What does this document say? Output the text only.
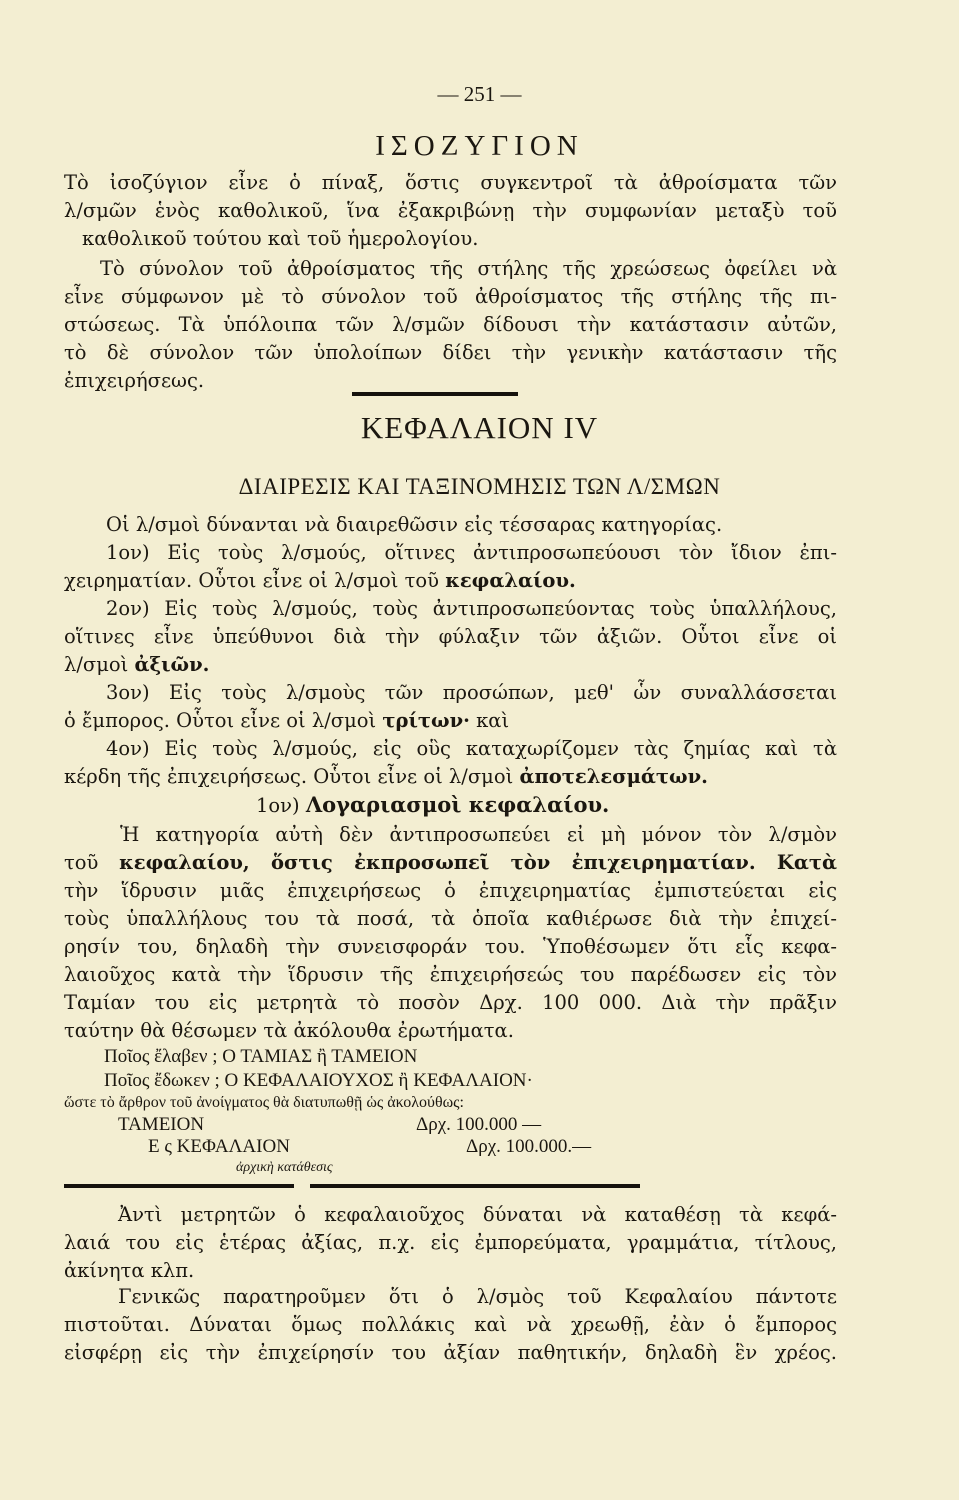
— 251 —
ΙΣΟΖΥΓΙΟΝ
Τὸ ἰσοζύγιον εἶνε ὁ πίναξ, ὅστις συγκεντροῖ τὰ ἀθροίσματα τῶν
λ/σμῶν ἑνὸς καθολικοῦ, ἵνα ἐξακριβώνῃ τὴν συμφωνίαν μεταξὺ τοῦ
καθολικοῦ τούτου καὶ τοῦ ἡμερολογίου.
Τὸ σύνολον τοῦ ἀθροίσματος τῆς στήλης τῆς χρεώσεως ὀφείλει νὰ
εἶνε σύμφωνον μὲ τὸ σύνολον τοῦ ἀθροίσματος τῆς στήλης τῆς πι-
στώσεως. Τὰ ὑπόλοιπα τῶν λ/σμῶν δίδουσι τὴν κατάστασιν αὐτῶν,
τὸ δὲ σύνολον τῶν ὑπολοίπων δίδει τὴν γενικὴν κατάστασιν τῆς
ἐπιχειρήσεως.
ΚΕΦΑΛΑΙΟΝ IV
ΔΙΑΙΡΕΣΙΣ ΚΑΙ ΤΑΞΙΝΟΜΗΣΙΣ ΤΩΝ Λ/ΣΜΩΝ
Οἱ λ/σμοὶ δύνανται νὰ διαιρεθῶσιν εἰς τέσσαρας κατηγορίας.
1ον) Εἰς τοὺς λ/σμούς, οἵτινες ἀντιπροσωπεύουσι τὸν ἴδιον ἐπι-
χειρηματίαν. Οὗτοι εἶνε οἱ λ/σμοὶ τοῦ κεφαλαίου.
2ον) Εἰς τοὺς λ/σμούς, τοὺς ἀντιπροσωπεύοντας τοὺς ὑπαλλήλους,
οἵτινες εἶνε ὑπεύθυνοι διὰ τὴν φύλαξιν τῶν ἀξιῶν. Οὗτοι εἶνε οἱ
λ/σμοὶ ἀξιῶν.
3ον) Εἰς τοὺς λ/σμοὺς τῶν προσώπων, μεθ' ὧν συναλλάσσεται
ὁ ἔμπορος. Οὗτοι εἶνε οἱ λ/σμοὶ τρίτων· καὶ
4ον) Εἰς τοὺς λ/σμούς, εἰς οὓς καταχωρίζομεν τὰς ζημίας καὶ τὰ
κέρδη τῆς ἐπιχειρήσεως. Οὗτοι εἶνε οἱ λ/σμοὶ ἀποτελεσμάτων.
1ον) Λογαριασμοὶ κεφαλαίου.
Ἡ κατηγορία αὐτὴ δὲν ἀντιπροσωπεύει εἰ μὴ μόνον τὸν λ/σμὸν
τοῦ κεφαλαίου, ὅστις ἐκπροσωπεῖ τὸν ἐπιχειρηματίαν. Κατὰ
τὴν ἵδρυσιν μιᾶς ἐπιχειρήσεως ὁ ἐπιχειρηματίας ἐμπιστεύεται εἰς
τοὺς ὑπαλλήλους του τὰ ποσά, τὰ ὁποῖα καθιέρωσε διὰ τὴν ἐπιχεί-
ρησίν του, δηλαδὴ τὴν συνεισφοράν του. Ὑποθέσωμεν ὅτι εἷς κεφα-
λαιοῦχος κατὰ τὴν ἵδρυσιν τῆς ἐπιχειρήσεώς του παρέδωσεν εἰς τὸν
Ταμίαν του εἰς μετρητὰ τὸ ποσὸν Δρχ. 100 000. Διὰ τὴν πρᾶξιν
ταύτην θὰ θέσωμεν τὰ ἀκόλουθα ἐρωτήματα.
Ποῖος ἔλαβεν ; Ο ΤΑΜΙΑΣ ἢ ΤΑΜΕΙΟΝ
Ποῖος ἔδωκεν ; Ο ΚΕΦΑΛΑΙΟΥΧΟΣ ἢ ΚΕΦΑΛΑΙΟΝ·
ὥστε τὸ ἄρθρον τοῦ ἀνοίγματος θὰ διατυπωθῇ ὡς ἀκολούθως:
ΤΑΜΕΙΟΝ	Δρχ. 100.000 —
Ε ς ΚΕΦΑΛΑΙΟΝ	Δρχ. 100.000.—
ἀρχικὴ κατάθεσις
Ἀντὶ μετρητῶν ὁ κεφαλαιοῦχος δύναται νὰ καταθέσῃ τὰ κεφά-
λαιά του εἰς ἑτέρας ἀξίας, π.χ. εἰς ἐμπορεύματα, γραμμάτια, τίτλους,
ἀκίνητα κλπ.
Γενικῶς παρατηροῦμεν ὅτι ὁ λ/σμὸς τοῦ Κεφαλαίου πάντοτε
πιστοῦται. Δύναται ὅμως πολλάκις καὶ νὰ χρεωθῇ, ἐὰν ὁ ἔμπορος
εἰσφέρῃ εἰς τὴν ἐπιχείρησίν του ἀξίαν παθητικήν, δηλαδὴ ἓν χρέος.
